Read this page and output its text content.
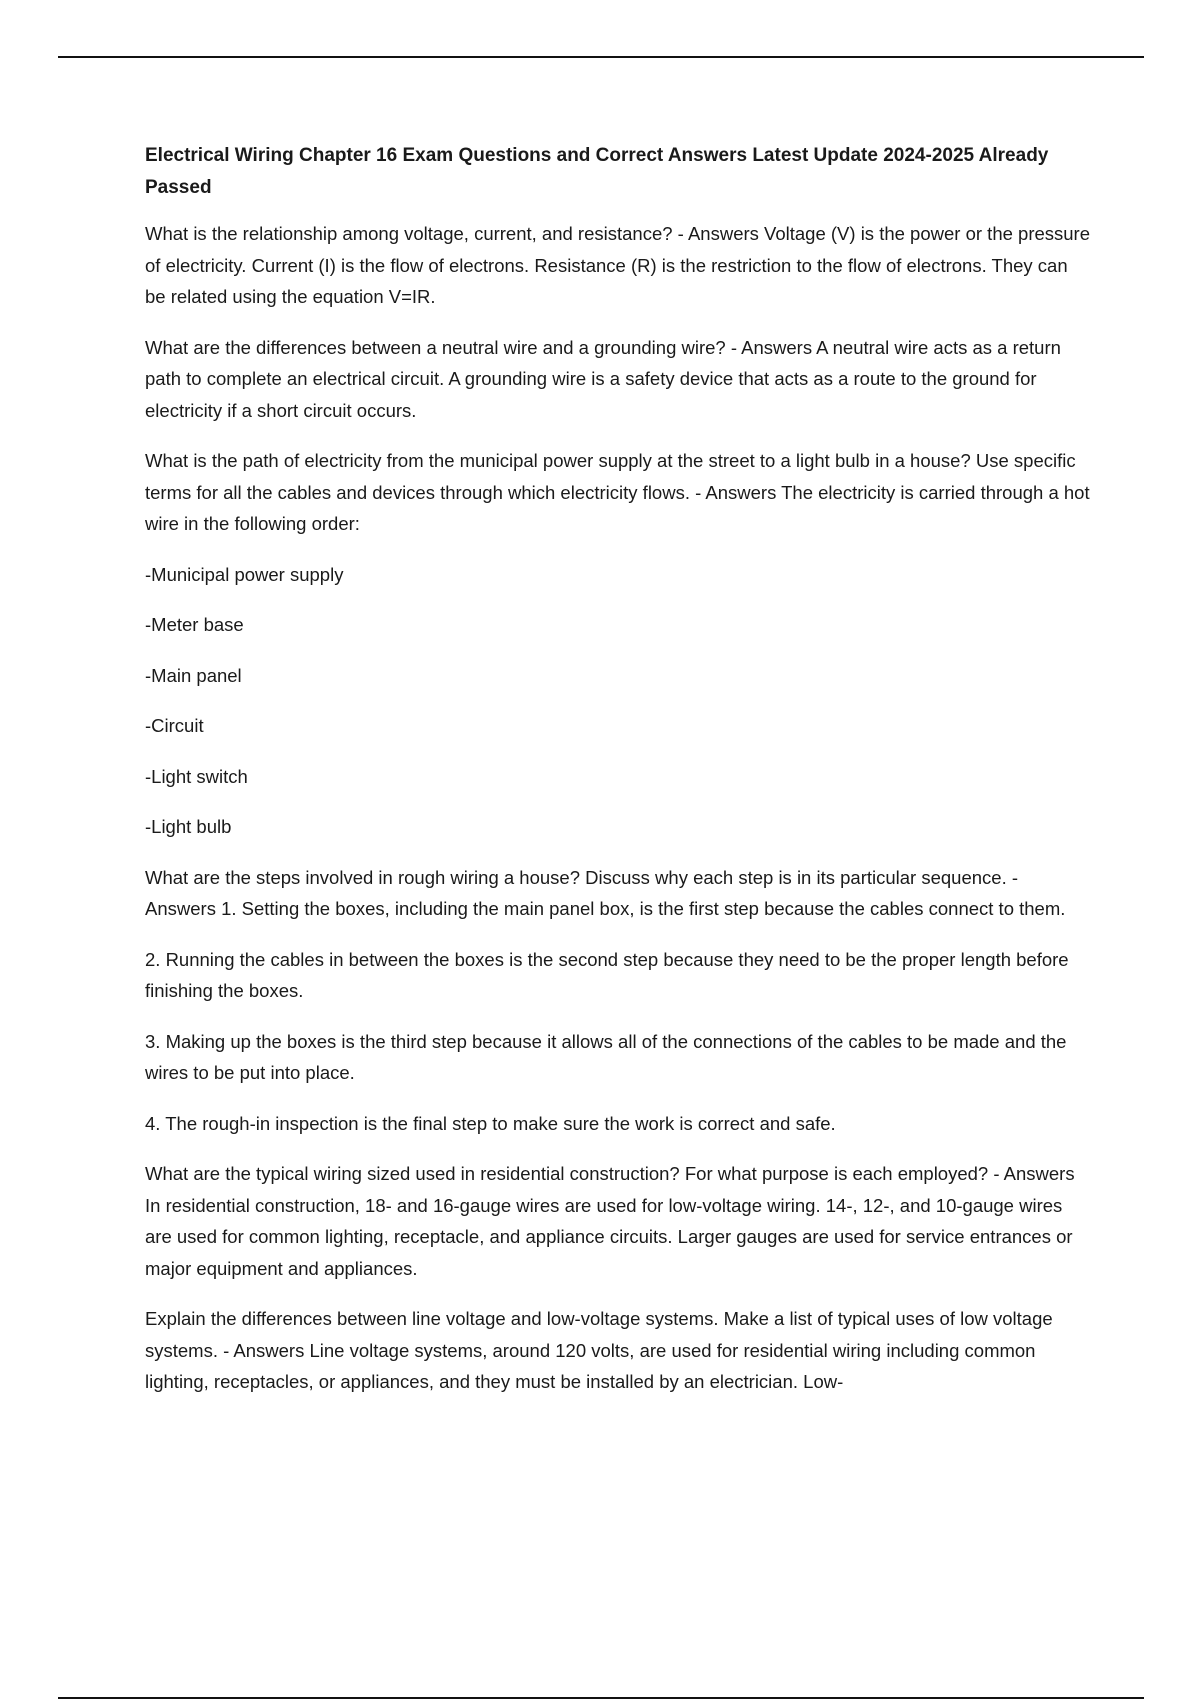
Electrical Wiring Chapter 16 Exam Questions and Correct Answers Latest Update 2024-2025 Already Passed

What is the relationship among voltage, current, and resistance? - Answers Voltage (V) is the power or the pressure of electricity. Current (I) is the flow of electrons. Resistance (R) is the restriction to the flow of electrons. They can be related using the equation V=IR.

What are the differences between a neutral wire and a grounding wire? - Answers A neutral wire acts as a return path to complete an electrical circuit. A grounding wire is a safety device that acts as a route to the ground for electricity if a short circuit occurs.

What is the path of electricity from the municipal power supply at the street to a light bulb in a house? Use specific terms for all the cables and devices through which electricity flows. - Answers The electricity is carried through a hot wire in the following order:

-Municipal power supply

-Meter base

-Main panel

-Circuit

-Light switch

-Light bulb

What are the steps involved in rough wiring a house? Discuss why each step is in its particular sequence. - Answers 1. Setting the boxes, including the main panel box, is the first step because the cables connect to them.

2. Running the cables in between the boxes is the second step because they need to be the proper length before finishing the boxes.

3. Making up the boxes is the third step because it allows all of the connections of the cables to be made and the wires to be put into place.

4. The rough-in inspection is the final step to make sure the work is correct and safe.

What are the typical wiring sized used in residential construction? For what purpose is each employed? - Answers In residential construction, 18- and 16-gauge wires are used for low-voltage wiring. 14-, 12-, and 10-gauge wires are used for common lighting, receptacle, and appliance circuits. Larger gauges are used for service entrances or major equipment and appliances.

Explain the differences between line voltage and low-voltage systems. Make a list of typical uses of low voltage systems. - Answers Line voltage systems, around 120 volts, are used for residential wiring including common lighting, receptacles, or appliances, and they must be installed by an electrician. Low-
